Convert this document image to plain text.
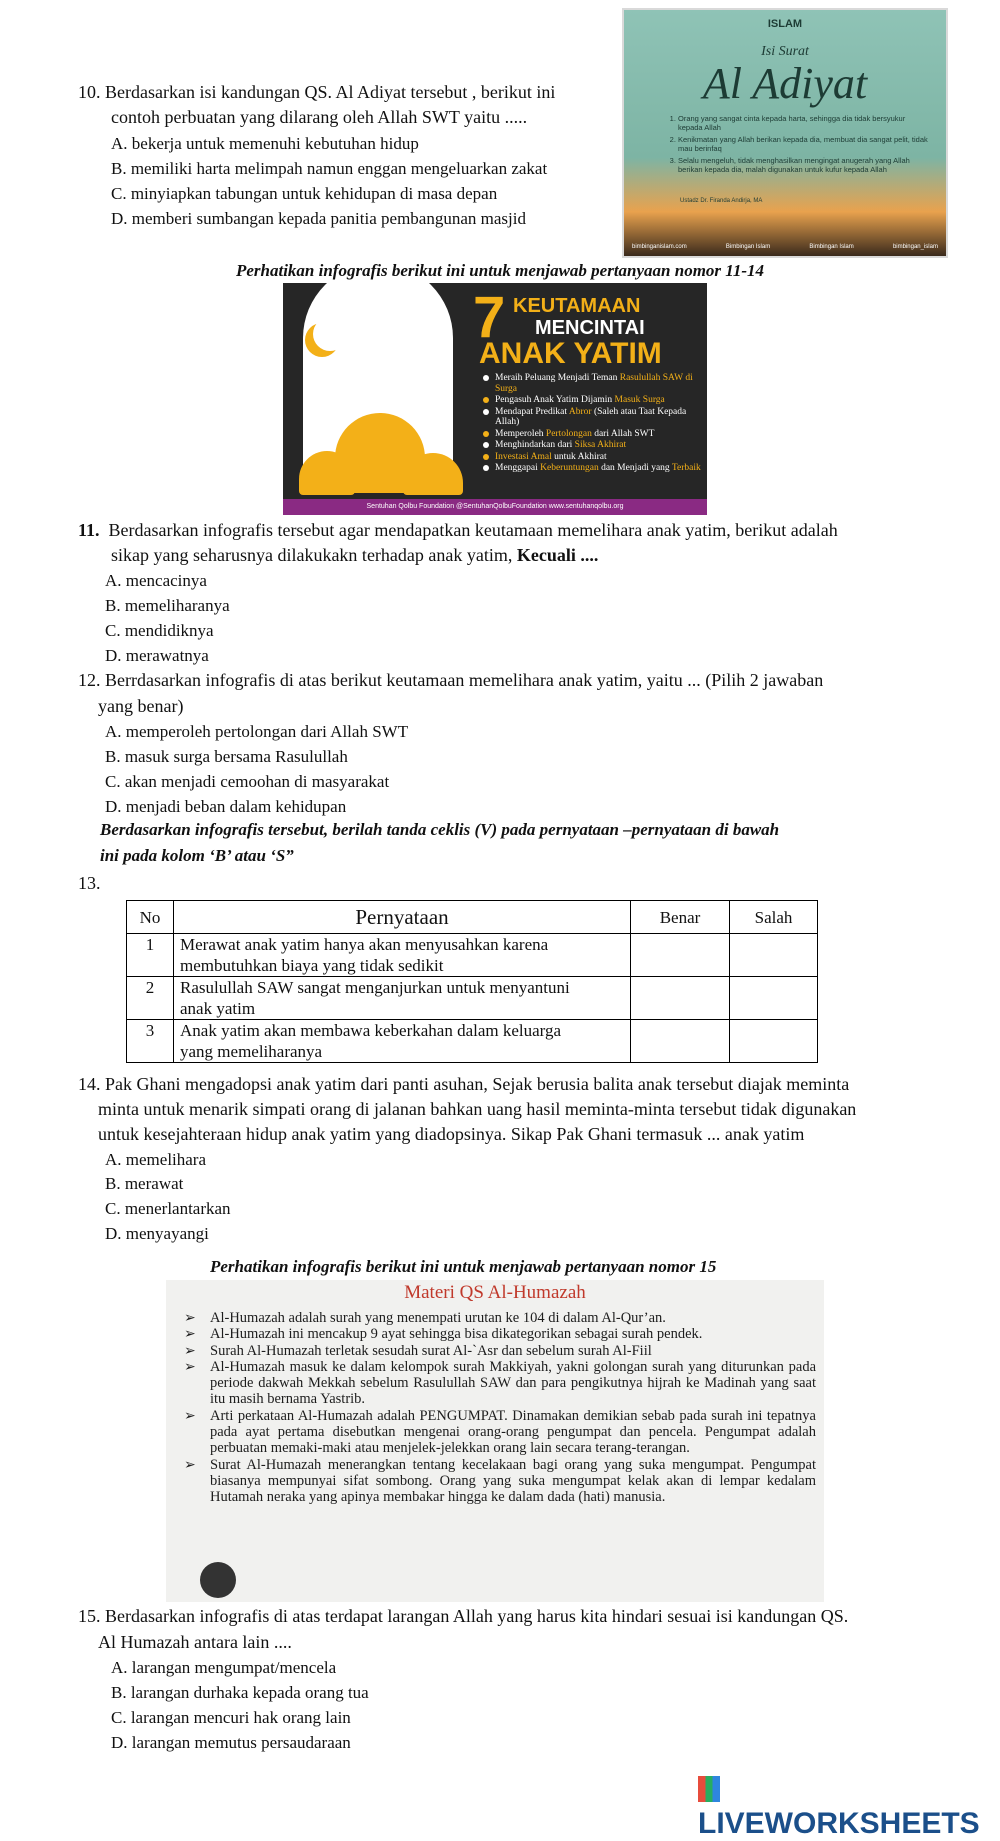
10. Berdasarkan isi kandungan QS. Al Adiyat tersebut , berikut ini
contoh perbuatan yang dilarang oleh Allah SWT yaitu .....
A. bekerja untuk memenuhi kebutuhan hidup
B. memiliki harta melimpah namun enggan mengeluarkan zakat
C. minyiapkan tabungan untuk kehidupan di masa depan
D. memberi sumbangan kepada panitia pembangunan masjid
ISLAM
Isi Surat
Al Adiyat
1. Orang yang sangat cinta kepada harta, sehingga dia tidak bersyukur kepada Allah
2. Kenikmatan yang Allah berikan kepada dia, membuat dia sangat pelit, tidak mau berinfaq
3. Selalu mengeluh, tidak menghasilkan mengingat anugerah yang Allah berikan kepada dia, malah digunakan untuk kufur kepada Allah
Ustadz Dr. Firanda Andirja, MA
bimbinganislam.com	Bimbingan Islam	Bimbingan Islam	bimbingan_islam
Perhatikan infografis berikut ini untuk menjawab pertanyaan nomor 11-14
7 KEUTAMAAN
MENCINTAI
ANAK YATIM
Meraih Peluang Menjadi Teman Rasulullah SAW di Surga
Pengasuh Anak Yatim Dijamin Masuk Surga
Mendapat Predikat Abror (Saleh atau Taat Kepada Allah)
Memperoleh Pertolongan dari Allah SWT
Menghindarkan dari Siksa Akhirat
Investasi Amal untuk Akhirat
Menggapai Keberuntungan dan Menjadi yang Terbaik
Sentuhan Qolbu Foundation @SentuhanQolbuFoundation www.sentuhanqolbu.org
11. Berdasarkan infografis tersebut agar mendapatkan keutamaan memelihara anak yatim, berikut adalah
sikap yang seharusnya dilakukakn terhadap anak yatim, Kecuali ....
A. mencacinya
B. memeliharanya
C. mendidiknya
D. merawatnya
12. Berrdasarkan infografis di atas berikut keutamaan memelihara anak yatim, yaitu ... (Pilih 2 jawaban
yang benar)
A. memperoleh pertolongan dari Allah SWT
B. masuk surga bersama Rasulullah
C. akan menjadi cemoohan di masyarakat
D. menjadi beban dalam kehidupan
Berdasarkan infografis tersebut, berilah tanda ceklis (V) pada pernyataan –pernyataan di bawah
ini pada kolom ‘B’ atau ‘S”
13.
No	Pernyataan	Benar	Salah
1	Merawat anak yatim hanya akan menyusahkan karena
membutuhkan biaya yang tidak sedikit		

2	Rasulullah SAW sangat menganjurkan untuk menyantuni
anak yatim		

3	Anak yatim akan membawa keberkahan dalam keluarga
yang memeliharanya		

14. Pak Ghani mengadopsi anak yatim dari panti asuhan, Sejak berusia balita anak tersebut diajak meminta
minta untuk menarik simpati orang di jalanan bahkan uang hasil meminta-minta tersebut tidak digunakan
untuk kesejahteraan hidup anak yatim yang diadopsinya. Sikap Pak Ghani termasuk ... anak yatim
A. memelihara
B. merawat
C. menerlantarkan
D. menyayangi
Perhatikan infografis berikut ini untuk menjawab pertanyaan nomor 15
Materi QS Al-Humazah
➢ Al-Humazah adalah surah yang menempati urutan ke 104 di dalam Al-Qur’an.
➢ Al-Humazah ini mencakup 9 ayat sehingga bisa dikategorikan sebagai surah pendek.
➢ Surah Al-Humazah terletak sesudah surat Al-`Asr dan sebelum surah Al-Fiil
➢ Al-Humazah masuk ke dalam kelompok surah Makkiyah, yakni golongan surah yang diturunkan pada periode dakwah Mekkah sebelum Rasulullah SAW dan para pengikutnya hijrah ke Madinah yang saat itu masih bernama Yastrib.
➢ Arti perkataan Al-Humazah adalah PENGUMPAT. Dinamakan demikian sebab pada surah ini tepatnya pada ayat pertama disebutkan mengenai orang-orang pengumpat dan pencela. Pengumpat adalah perbuatan memaki-maki atau menjelek-jelekkan orang lain secara terang-terangan.
➢ Surat Al-Humazah menerangkan tentang kecelakaan bagi orang yang suka mengumpat. Pengumpat biasanya mempunyai sifat sombong. Orang yang suka mengumpat kelak akan di lempar kedalam Hutamah neraka yang apinya membakar hingga ke dalam dada (hati) manusia.
15. Berdasarkan infografis di atas terdapat larangan Allah yang harus kita hindari sesuai isi kandungan QS.
Al Humazah antara lain ....
A. larangan mengumpat/mencela
B. larangan durhaka kepada orang tua
C. larangan mencuri hak orang lain
D. larangan memutus persaudaraan
LIVEWORKSHEETS
